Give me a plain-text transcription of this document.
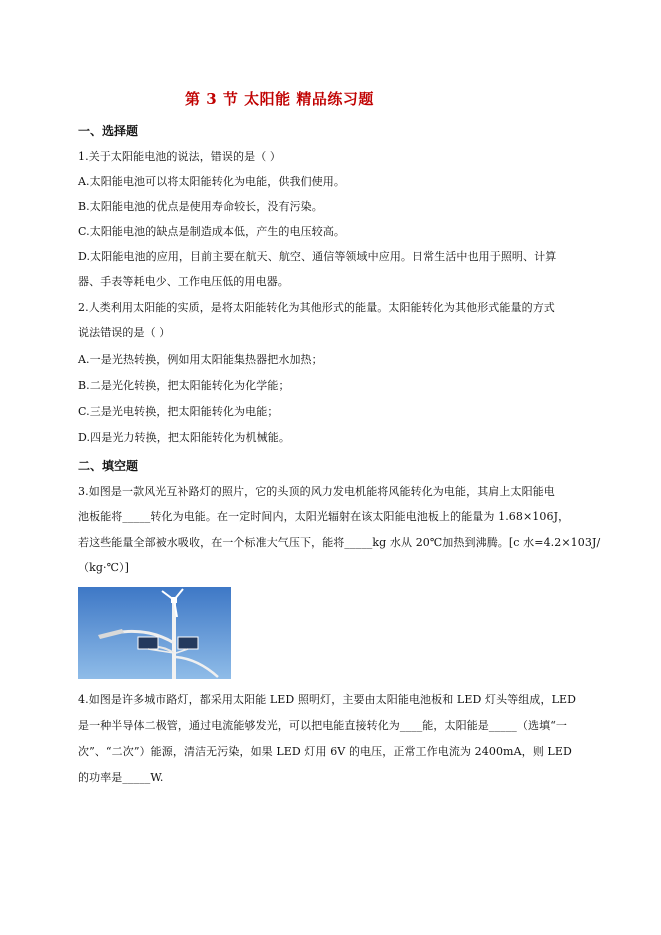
第 3 节 太阳能 精品练习题
一、选择题
1.关于太阳能电池的说法，错误的是（ ）
A.太阳能电池可以将太阳能转化为电能，供我们使用。
B.太阳能电池的优点是使用寿命较长，没有污染。
C.太阳能电池的缺点是制造成本低，产生的电压较高。
D.太阳能电池的应用，目前主要在航天、航空、通信等领域中应用。日常生活中也用于照明、计算
器、手表等耗电少、工作电压低的用电器。
2.人类利用太阳能的实质，是将太阳能转化为其他形式的能量。太阳能转化为其他形式能量的方式
说法错误的是（ ）
A.一是光热转换，例如用太阳能集热器把水加热；
B.二是光化转换，把太阳能转化为化学能；
C.三是光电转换，把太阳能转化为电能；
D.四是光力转换，把太阳能转化为机械能。
二、填空题
3.如图是一款风光互补路灯的照片，它的头顶的风力发电机能将风能转化为电能，其肩上太阳能电
池板能将_____转化为电能。在一定时间内，太阳光辐射在该太阳能电池板上的能量为 1.68×106J，
若这些能量全部被水吸收，在一个标准大气压下，能将_____kg 水从 20℃加热到沸腾。[c 水=4.2×103J/
（kg·℃）]
4.如图是许多城市路灯，都采用太阳能 LED 照明灯，主要由太阳能电池板和 LED 灯头等组成，LED
是一种半导体二极管，通过电流能够发光，可以把电能直接转化为____能，太阳能是_____（选填“一
次”、“二次”）能源，清洁无污染，如果 LED 灯用 6V 的电压，正常工作电流为 2400mA，则 LED
的功率是_____W.
